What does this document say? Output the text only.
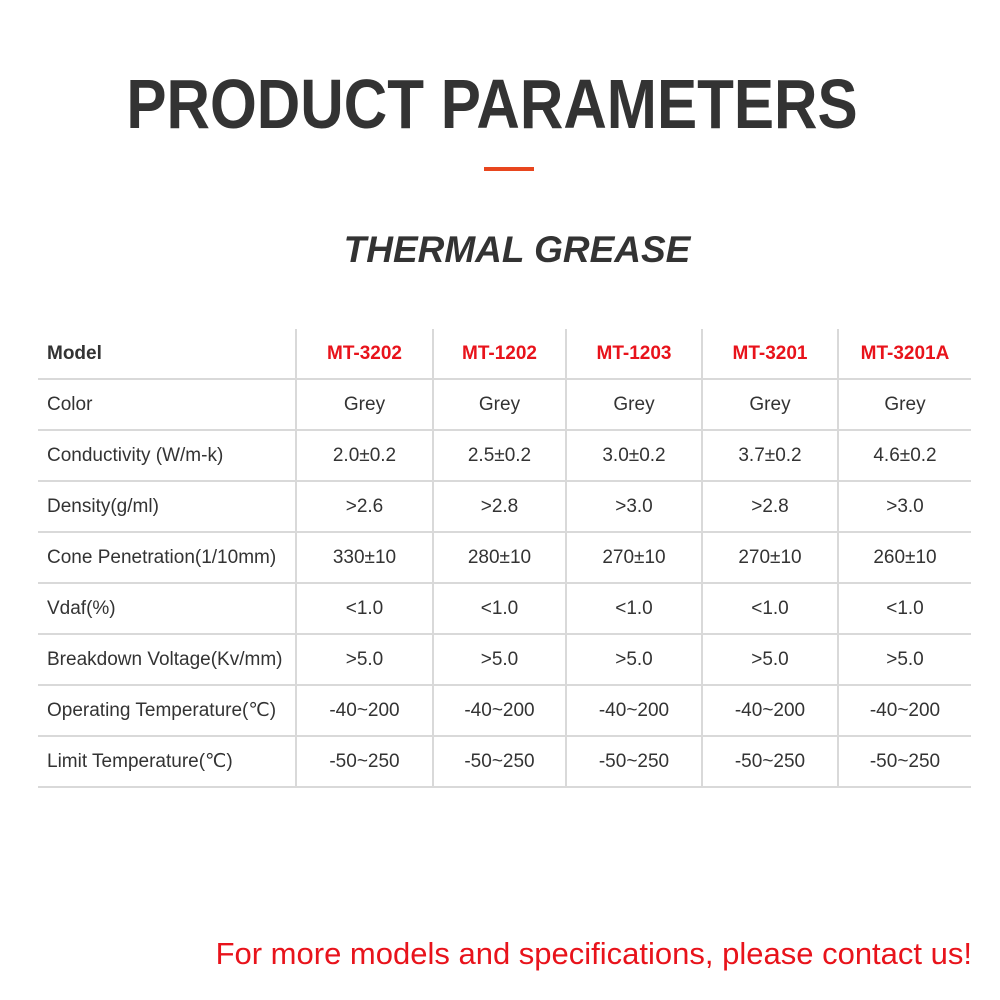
PRODUCT PARAMETERS
THERMAL GREASE
Model	MT-3202	MT-1202	MT-1203	MT-3201	MT-3201A
Color	Grey	Grey	Grey	Grey	Grey
Conductivity (W/m-k)	2.0±0.2	2.5±0.2	3.0±0.2	3.7±0.2	4.6±0.2
Density(g/ml)	>2.6	>2.8	>3.0	>2.8	>3.0
Cone Penetration(1/10mm)	330±10	280±10	270±10	270±10	260±10
Vdaf(%)	<1.0	<1.0	<1.0	<1.0	<1.0
Breakdown Voltage(Kv/mm)	>5.0	>5.0	>5.0	>5.0	>5.0
Operating Temperature(℃)	-40~200	-40~200	-40~200	-40~200	-40~200
Limit Temperature(℃)	-50~250	-50~250	-50~250	-50~250	-50~250
For more models and specifications, please contact us!
